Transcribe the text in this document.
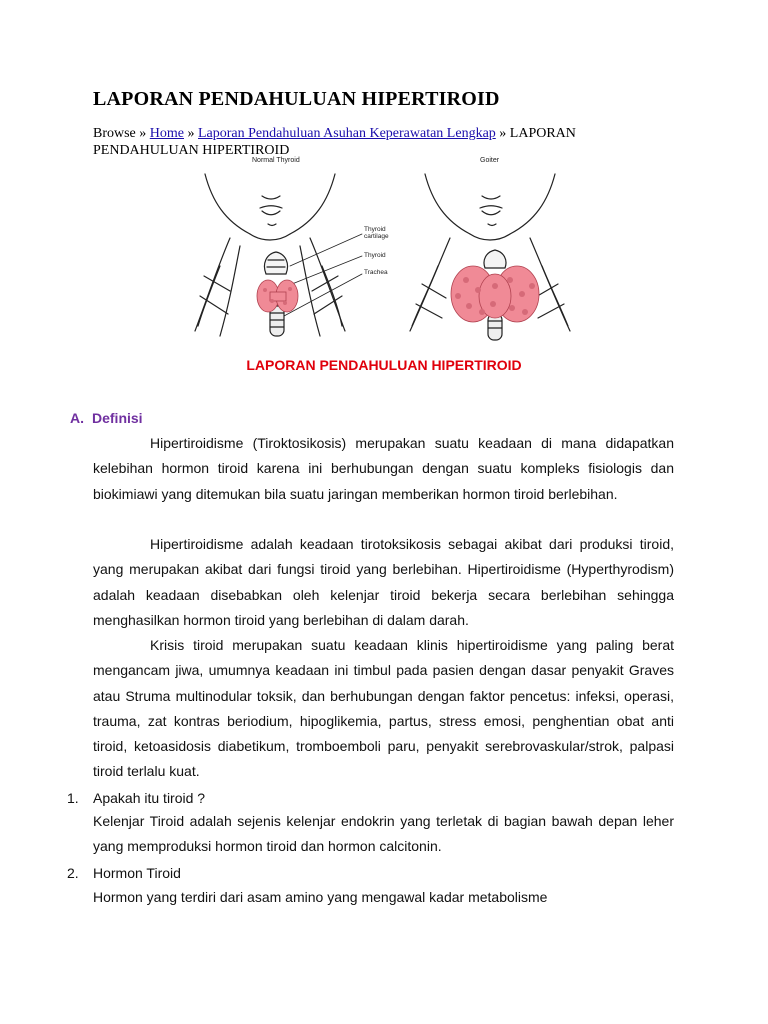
LAPORAN PENDAHULUAN HIPERTIROID
Browse » Home » Laporan Pendahuluan Asuhan Keperawatan Lengkap » LAPORAN PENDAHULUAN HIPERTIROID
Normal Thyroid	Goiter
Thyroid cartilage
Thyroid
Trachea
LAPORAN PENDAHULUAN HIPERTIROID
A. Definisi
Hipertiroidisme (Tiroktosikosis) merupakan suatu keadaan di mana didapatkan kelebihan hormon tiroid karena ini berhubungan dengan suatu kompleks fisiologis dan biokimiawi yang ditemukan bila suatu jaringan memberikan hormon tiroid berlebihan.
Hipertiroidisme adalah keadaan tirotoksikosis sebagai akibat dari produksi tiroid, yang merupakan akibat dari fungsi tiroid yang berlebihan. Hipertiroidisme (Hyperthyrodism) adalah keadaan disebabkan oleh kelenjar tiroid bekerja secara berlebihan sehingga menghasilkan hormon tiroid yang berlebihan di dalam darah.
Krisis tiroid merupakan suatu keadaan klinis hipertiroidisme yang paling berat mengancam jiwa, umumnya keadaan ini timbul pada pasien dengan dasar penyakit Graves atau Struma multinodular toksik, dan berhubungan dengan faktor pencetus: infeksi, operasi, trauma, zat kontras beriodium, hipoglikemia, partus, stress emosi, penghentian obat anti tiroid, ketoasidosis diabetikum, tromboemboli paru, penyakit serebrovaskular/strok, palpasi tiroid terlalu kuat.
1. Apakah itu tiroid ?
Kelenjar Tiroid adalah sejenis kelenjar endokrin yang terletak di bagian bawah depan leher yang memproduksi hormon tiroid dan hormon calcitonin.
2. Hormon Tiroid
Hormon yang terdiri dari asam amino yang mengawal kadar metabolisme
